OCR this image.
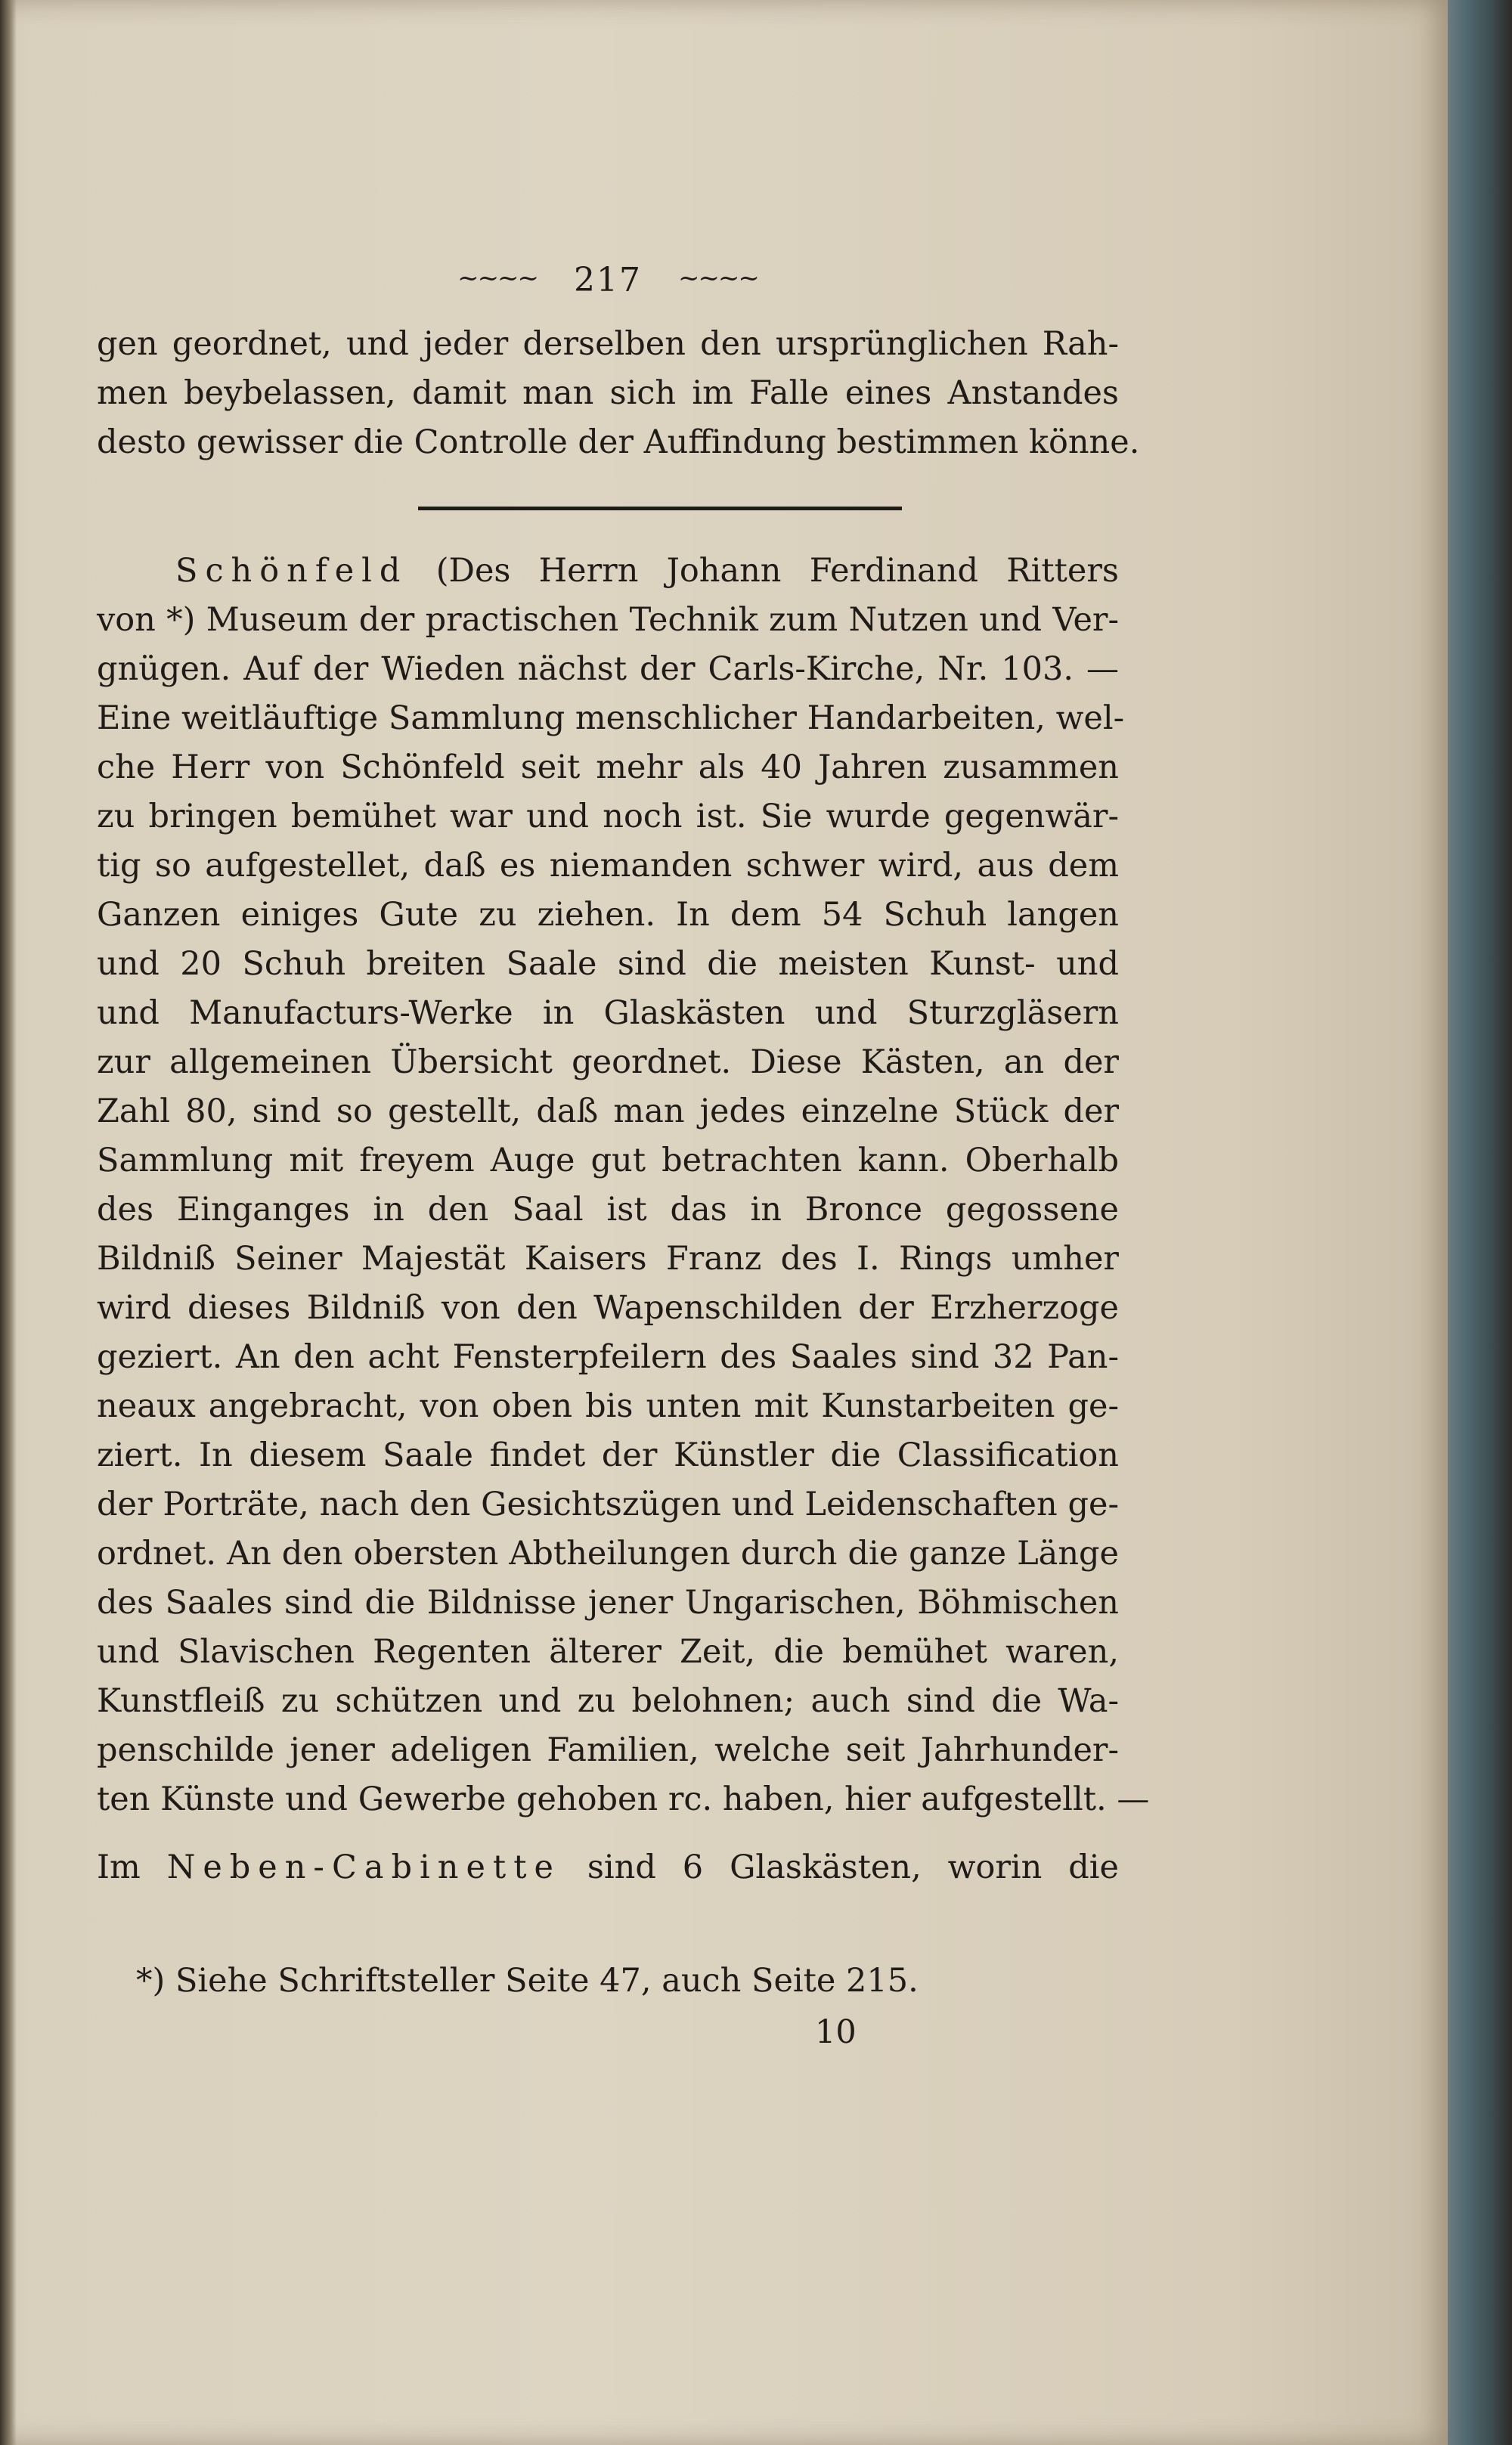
~~~~ 217 ~~~~
gen geordnet, und jeder derselben den ursprünglichen Rah-
men beybelassen, damit man sich im Falle eines Anstandes
desto gewisser die Controlle der Auffindung bestimmen könne.
Schönfeld (Des Herrn Johann Ferdinand Ritters
von *) Museum der practischen Technik zum Nutzen und Ver-
gnügen. Auf der Wieden nächst der Carls-Kirche, Nr. 103. —
Eine weitläuftige Sammlung menschlicher Handarbeiten, wel-
che Herr von Schönfeld seit mehr als 40 Jahren zusammen
zu bringen bemühet war und noch ist. Sie wurde gegenwär-
tig so aufgestellet, daß es niemanden schwer wird, aus dem
Ganzen einiges Gute zu ziehen. In dem 54 Schuh langen
und 20 Schuh breiten Saale sind die meisten Kunst- und
und Manufacturs-Werke in Glaskästen und Sturzgläsern
zur allgemeinen Übersicht geordnet. Diese Kästen, an der
Zahl 80, sind so gestellt, daß man jedes einzelne Stück der
Sammlung mit freyem Auge gut betrachten kann. Oberhalb
des Einganges in den Saal ist das in Bronce gegossene
Bildniß Seiner Majestät Kaisers Franz des I. Rings umher
wird dieses Bildniß von den Wapenschilden der Erzherzoge
geziert. An den acht Fensterpfeilern des Saales sind 32 Pan-
neaux angebracht, von oben bis unten mit Kunstarbeiten ge-
ziert. In diesem Saale findet der Künstler die Classification
der Porträte, nach den Gesichtszügen und Leidenschaften ge-
ordnet. An den obersten Abtheilungen durch die ganze Länge
des Saales sind die Bildnisse jener Ungarischen, Böhmischen
und Slavischen Regenten älterer Zeit, die bemühet waren,
Kunstfleiß zu schützen und zu belohnen; auch sind die Wa-
penschilde jener adeligen Familien, welche seit Jahrhunder-
ten Künste und Gewerbe gehoben rc. haben, hier aufgestellt. —
Im Neben-Cabinette sind 6 Glaskästen, worin die
*) Siehe Schriftsteller Seite 47, auch Seite 215.
10
